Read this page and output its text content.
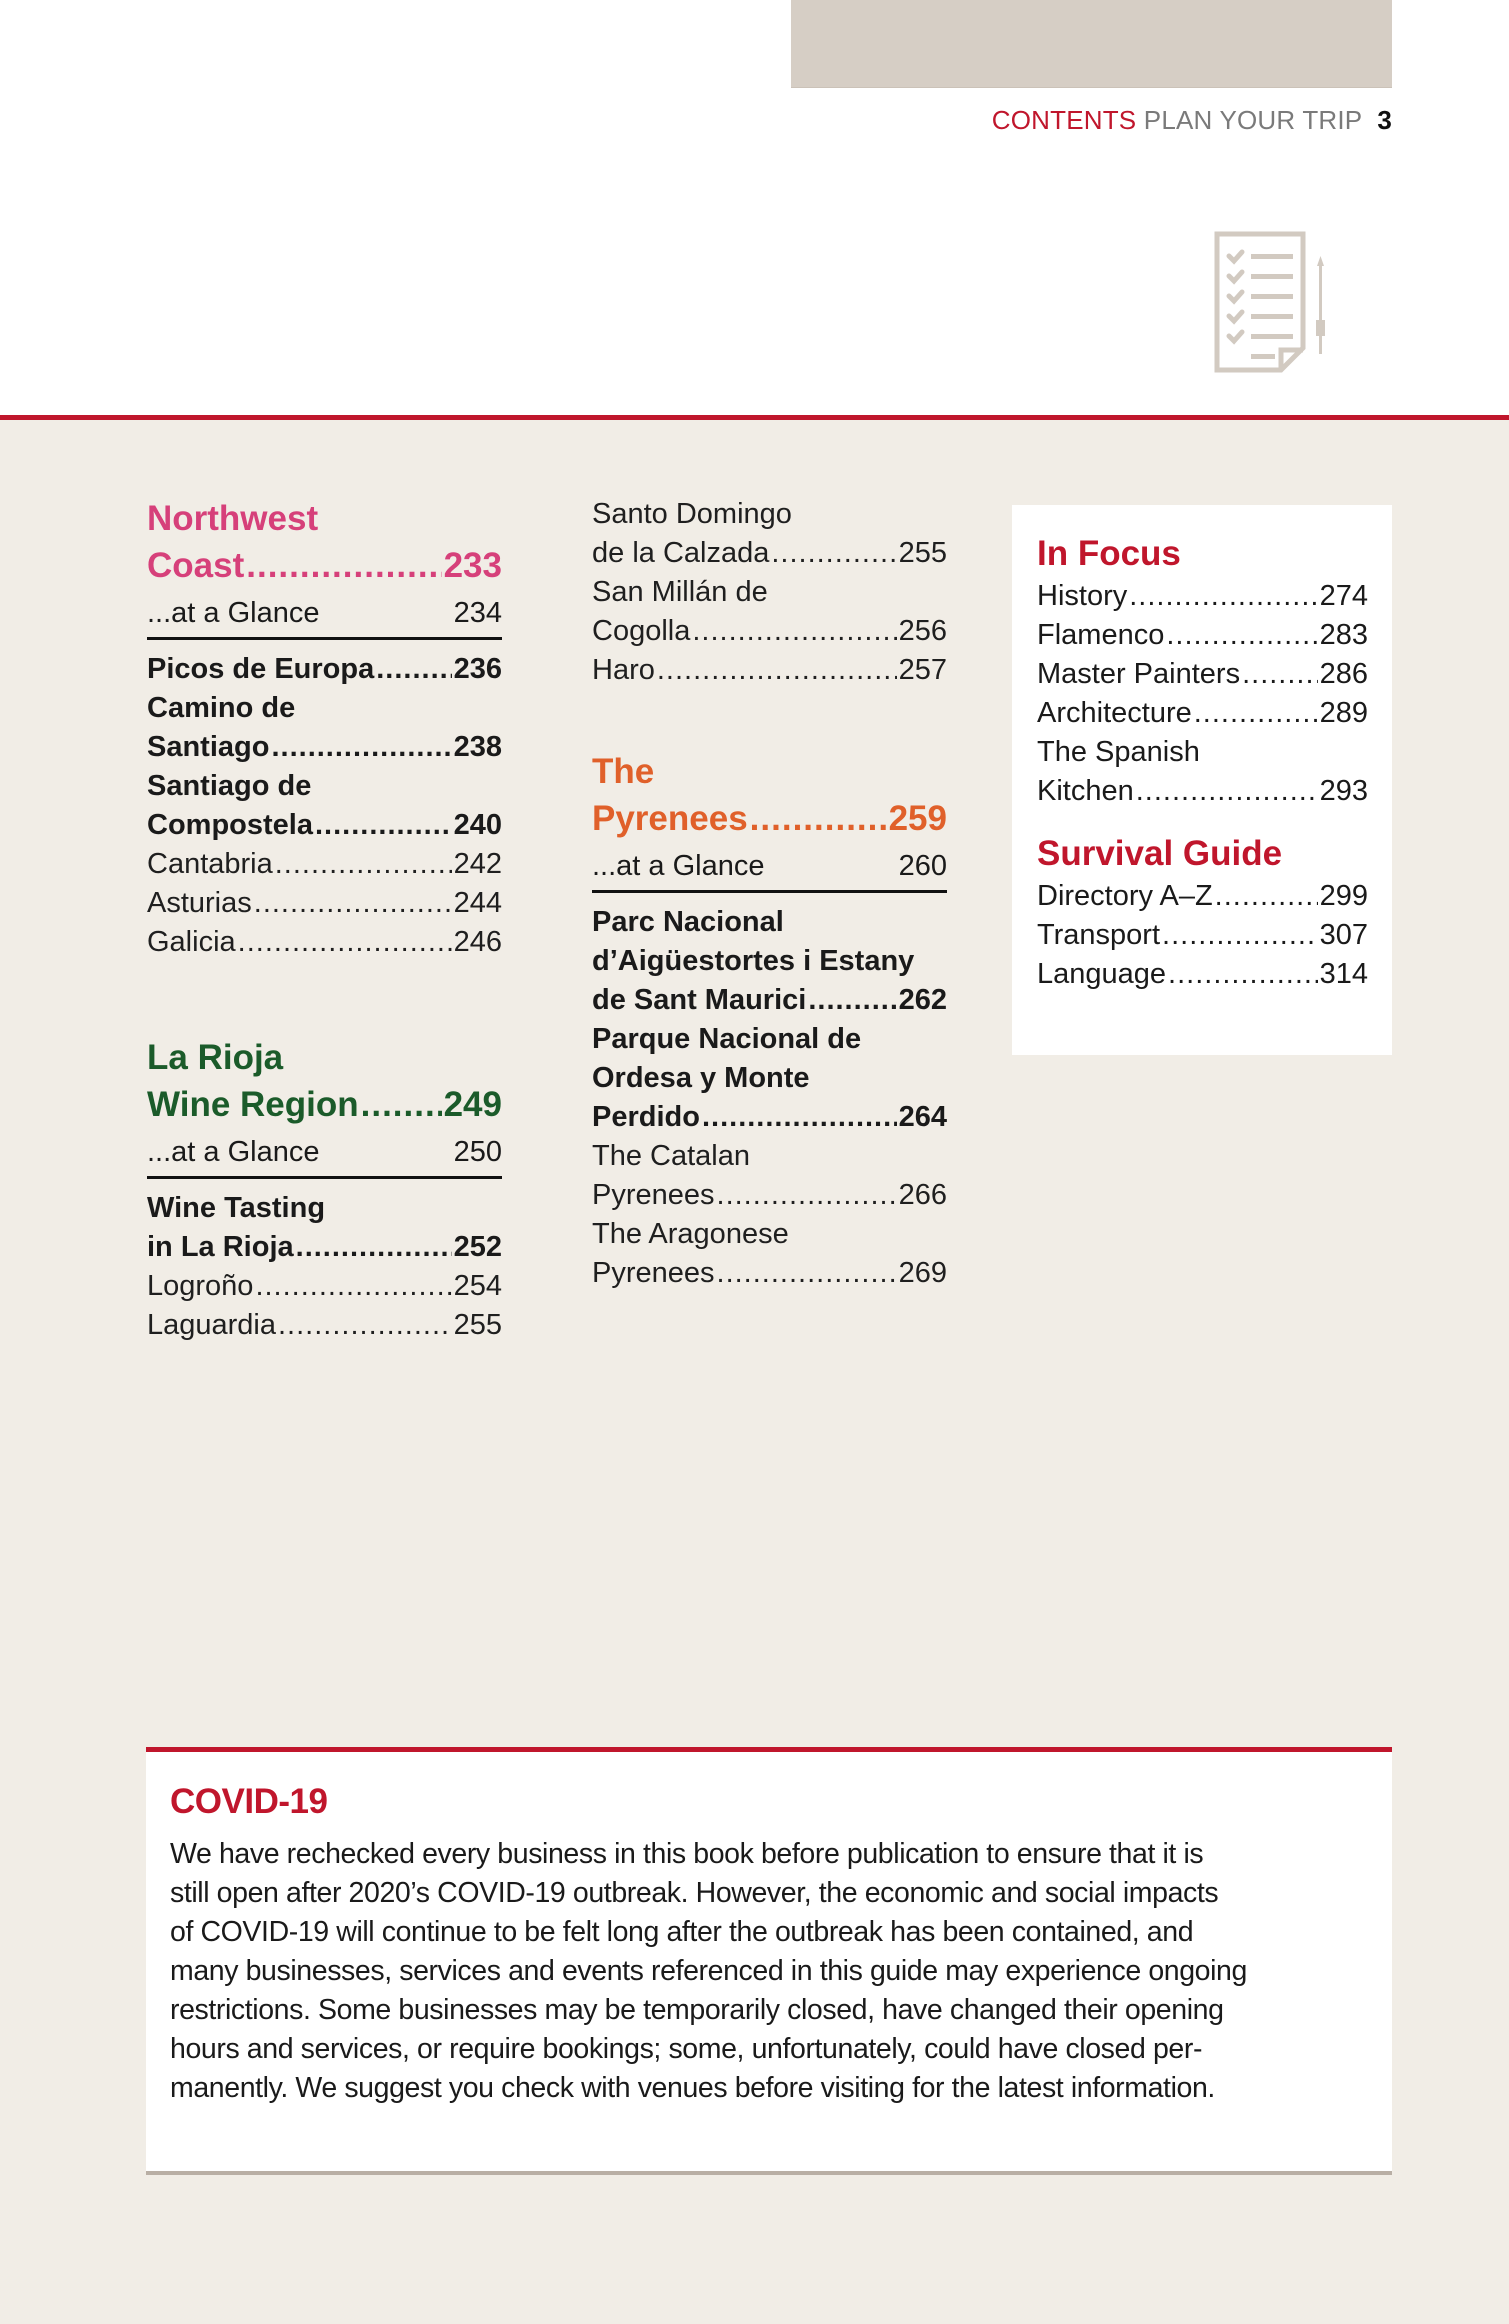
CONTENTS PLAN YOUR TRIP 3
Northwest
Coast .....	233
...at a Glance	234
Picos de Europa .....	236
Camino de
Santiago .....	238
Santiago de
Compostela .....	240
Cantabria .....	242
Asturias .....	244
Galicia .....	246
La Rioja
Wine Region ..... 249
...at a Glance	250
Wine Tasting
in La Rioja .....	252
Logroño .....	254
Laguardia .....	255
Santo Domingo
de la Calzada .....	255
San Millán de
Cogolla .....	256
Haro .....	257
The
Pyrenees .....	259
...at a Glance	260
Parc Nacional
d’Aigüestortes i Estany
de Sant Maurici .....	262
Parque Nacional de
Ordesa y Monte
Perdido .....	264
The Catalan
Pyrenees .....	266
The Aragonese
Pyrenees .....	269
In Focus
History .....	274
Flamenco .....	283
Master Painters .....	286
Architecture .....	289
The Spanish
Kitchen .....	293
Survival Guide
Directory A–Z .....	299
Transport .....	307
Language .....	314
COVID-19
We have rechecked every business in this book before publication to ensure that it is
still open after 2020’s COVID-19 outbreak. However, the economic and social impacts
of COVID-19 will continue to be felt long after the outbreak has been contained, and
many businesses, services and events referenced in this guide may experience ongoing
restrictions. Some businesses may be temporarily closed, have changed their opening
hours and services, or require bookings; some, unfortunately, could have closed per-
manently. We suggest you check with venues before visiting for the latest information.
